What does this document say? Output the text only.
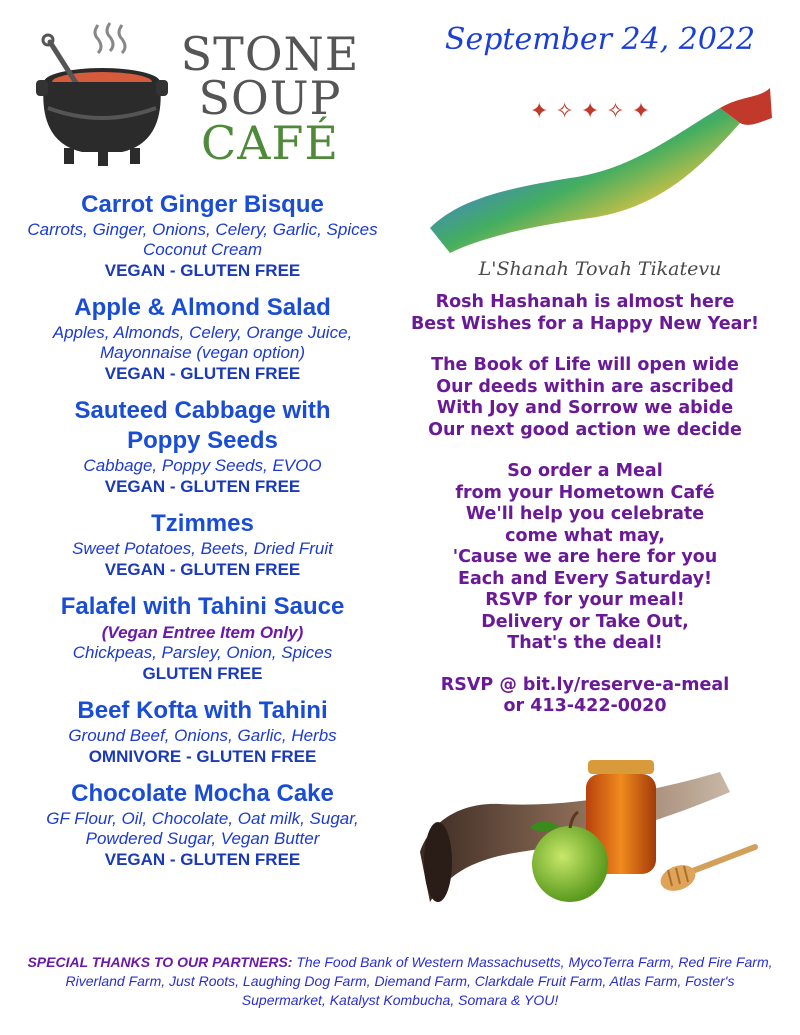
STONE
SOUP
CAFÉ
September 24, 2022
✦ ✧ ✦ ✧ ✦
L'Shanah Tovah Tikatevu
Carrot Ginger Bisque
Carrots, Ginger, Onions, Celery, Garlic, Spices Coconut Cream
VEGAN - GLUTEN FREE
Apple & Almond Salad
Apples, Almonds, Celery, Orange Juice, Mayonnaise (vegan option)
VEGAN - GLUTEN FREE
Sauteed Cabbage with Poppy Seeds
Cabbage, Poppy Seeds, EVOO
VEGAN - GLUTEN FREE
Tzimmes
Sweet Potatoes, Beets, Dried Fruit
VEGAN - GLUTEN FREE
Falafel with Tahini Sauce
(Vegan Entree Item Only)
Chickpeas, Parsley, Onion, Spices
GLUTEN FREE
Beef Kofta with Tahini
Ground Beef, Onions, Garlic, Herbs
OMNIVORE - GLUTEN FREE
Chocolate Mocha Cake
GF Flour, Oil, Chocolate, Oat milk, Sugar, Powdered Sugar, Vegan Butter
VEGAN - GLUTEN FREE
Rosh Hashanah is almost here
Best Wishes for a Happy New Year!
The Book of Life will open wide
Our deeds within are ascribed
With Joy and Sorrow we abide
Our next good action we decide
So order a Meal
from your Hometown Café
We'll help you celebrate
come what may,
'Cause we are here for you
Each and Every Saturday!
RSVP for your meal!
Delivery or Take Out,
That's the deal!
RSVP @ bit.ly/reserve-a-meal
or 413-422-0020
SPECIAL THANKS TO OUR PARTNERS: The Food Bank of Western Massachusetts, MycoTerra Farm, Red Fire Farm, Riverland Farm, Just Roots, Laughing Dog Farm, Diemand Farm, Clarkdale Fruit Farm, Atlas Farm, Foster's Supermarket, Katalyst Kombucha, Somara & YOU!
